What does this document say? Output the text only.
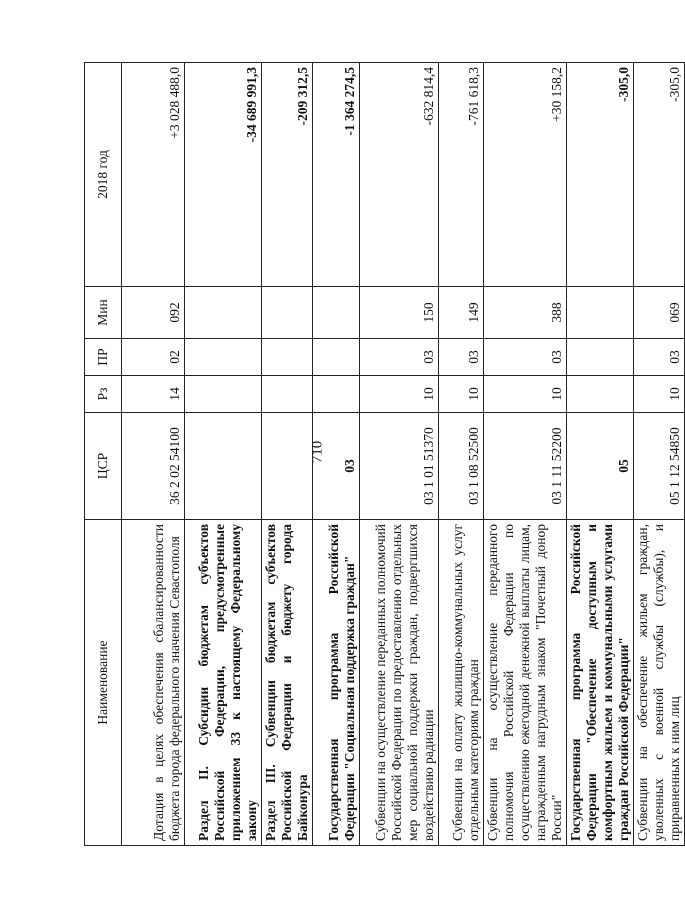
710
Наименование	ЦСР	Рз	ПР	Мин	2018 год
Дотация в целях обеспечения сбалансированности бюджета города федерального значения Севастополя	36 2 02 54100	14	02	092	+3 028 488,0
Раздел II. Субсидии бюджетам субъектов Российской Федерации, предусмотренные приложением 33 к настоящему Федеральному закону					-34 689 991,3
Раздел III. Субвенции бюджетам субъектов Российской Федерации и бюджету города Байконура					-209 312,5
Государственная программа Российской Федерации "Социальная поддержка граждан"	03				-1 364 274,5
Субвенции на осуществление переданных полномочий Российской Федерации по предоставлению отдельных мер социальной поддержки граждан, подвергшихся воздействию радиации	03 1 01 51370	10	03	150	-632 814,4
Субвенции на оплату жилищно-коммунальных услуг отдельным категориям граждан	03 1 08 52500	10	03	149	-761 618,3
Субвенции на осуществление переданного полномочия Российской Федерации по осуществлению ежегодной денежной выплаты лицам, награжденным нагрудным знаком "Почетный донор России"	03 1 11 52200	10	03	388	+30 158,2
Государственная программа Российской Федерации "Обеспечение доступным и комфортным жильем и коммунальными услугами граждан Российской Федерации"	05				-305,0
Субвенции на обеспечение жильем граждан, уволенных с военной службы (службы), и приравненных к ним лиц	05 1 12 54850	10	03	069	-305,0
